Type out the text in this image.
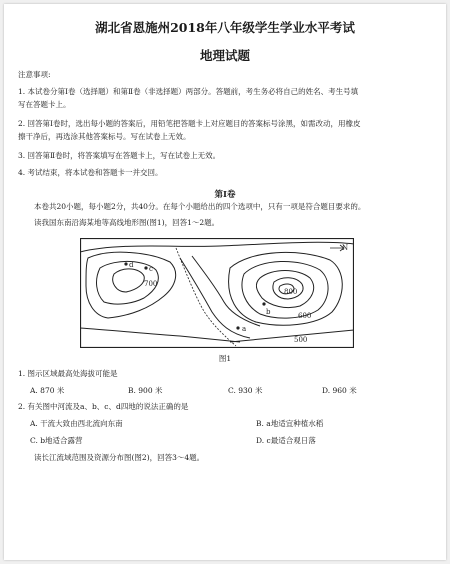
湖北省恩施州2018年八年级学生学业水平考试
地理试题
注意事项:
1. 本试卷分第Ⅰ卷（选择题）和第Ⅱ卷（非选择题）两部分。答题前，考生务必将自己的姓名、考生号填
写在答题卡上。
2. 回答第Ⅰ卷时，选出每小题的答案后，用铅笔把答题卡上对应题目的答案标号涂黑，如需改动，用橡皮
擦干净后，再选涂其他答案标号。写在试卷上无效。
3. 回答第Ⅱ卷时，将答案填写在答题卡上，写在试卷上无效。
4. 考试结束，将本试卷和答题卡一并交回。
第Ⅰ卷
本卷共20小题，每小题2分，共40分。在每个小题给出的四个选项中，只有一项是符合题目要求的。
读我国东南沿海某地等高线地形图(图1)，回答1～2题。
N
700
800
600
500
d c
b
a
图1
1. 图示区域最高处海拔可能是
A. 870 米	B. 900 米	C. 930 米	D. 960 米
2. 有关图中河流及a、b、c、d四地的说法正确的是
A. 干流大致由西北流向东南	B. a地适宜种植水稻
C. b地适合露营	D. c最适合观日落
读长江流域范围及资源分布图(图2)，回答3～4题。
